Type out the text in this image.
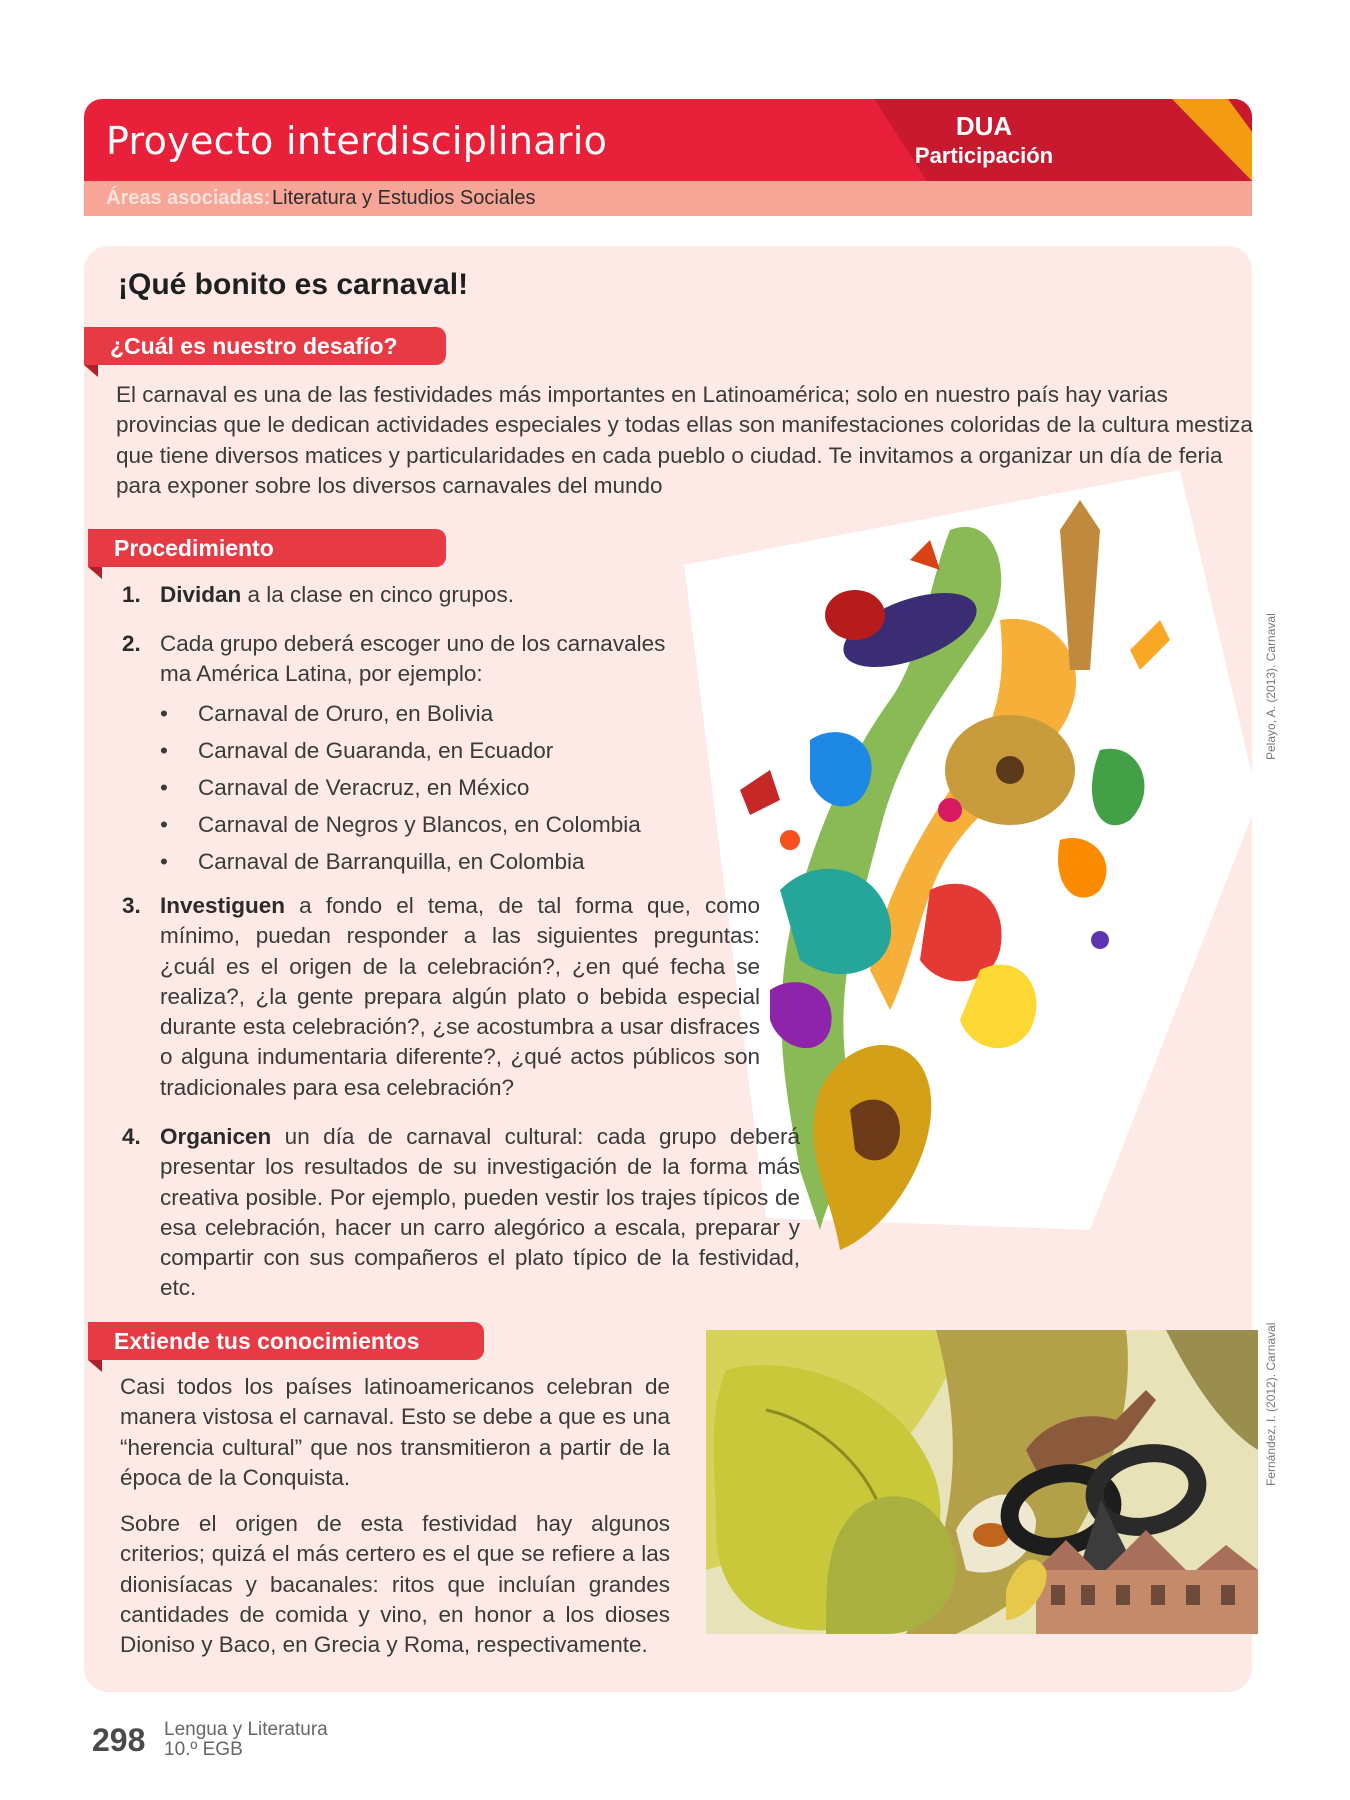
Proyecto interdisciplinario	DUA
Participación
Áreas asociadas: Literatura y Estudios Sociales
¡Qué bonito es carnaval!
¿Cuál es nuestro desafío?
El carnaval es una de las festividades más importantes en Latinoamérica; solo en nuestro país hay varias provincias que le dedican actividades especiales y todas ellas son manifestaciones coloridas de la cultura mestiza que tiene diversos matices y particularidades en cada pueblo o ciudad. Te invitamos a organizar un día de feria para exponer sobre los diversos carnavales del mundo
Pelayo, A. (2013). Carnaval
Procedimiento
1. Dividan a la clase en cinco grupos.
2. Cada grupo deberá escoger uno de los carnavales ma América Latina, por ejemplo:
• Carnaval de Oruro, en Bolivia
• Carnaval de Guaranda, en Ecuador
• Carnaval de Veracruz, en México
• Carnaval de Negros y Blancos, en Colombia
• Carnaval de Barranquilla, en Colombia
3. Investiguen a fondo el tema, de tal forma que, como mínimo, puedan responder a las siguientes preguntas: ¿cuál es el origen de la celebración?, ¿en qué fecha se realiza?, ¿la gente prepara algún plato o bebida especial durante esta celebración?, ¿se acostumbra a usar disfraces o alguna indumentaria diferente?, ¿qué actos públicos son tradicionales para esa celebración?
4. Organicen un día de carnaval cultural: cada grupo deberá presentar los resultados de su investigación de la forma más creativa posible. Por ejemplo, pueden vestir los trajes típicos de esa celebración, hacer un carro alegórico a escala, preparar y compartir con sus compañeros el plato típico de la festividad, etc.
Extiende tus conocimientos
Casi todos los países latinoamericanos celebran de manera vistosa el carnaval. Esto se debe a que es una “herencia cultural” que nos transmitieron a partir de la época de la Conquista.
Sobre el origen de esta festividad hay algunos criterios; quizá el más certero es el que se refiere a las dionisíacas y bacanales: ritos que incluían grandes cantidades de comida y vino, en honor a los dioses Dioniso y Baco, en Grecia y Roma, respectivamente.
Fernández, I. (2012). Carnaval
298 Lengua y Literatura
10.º EGB
